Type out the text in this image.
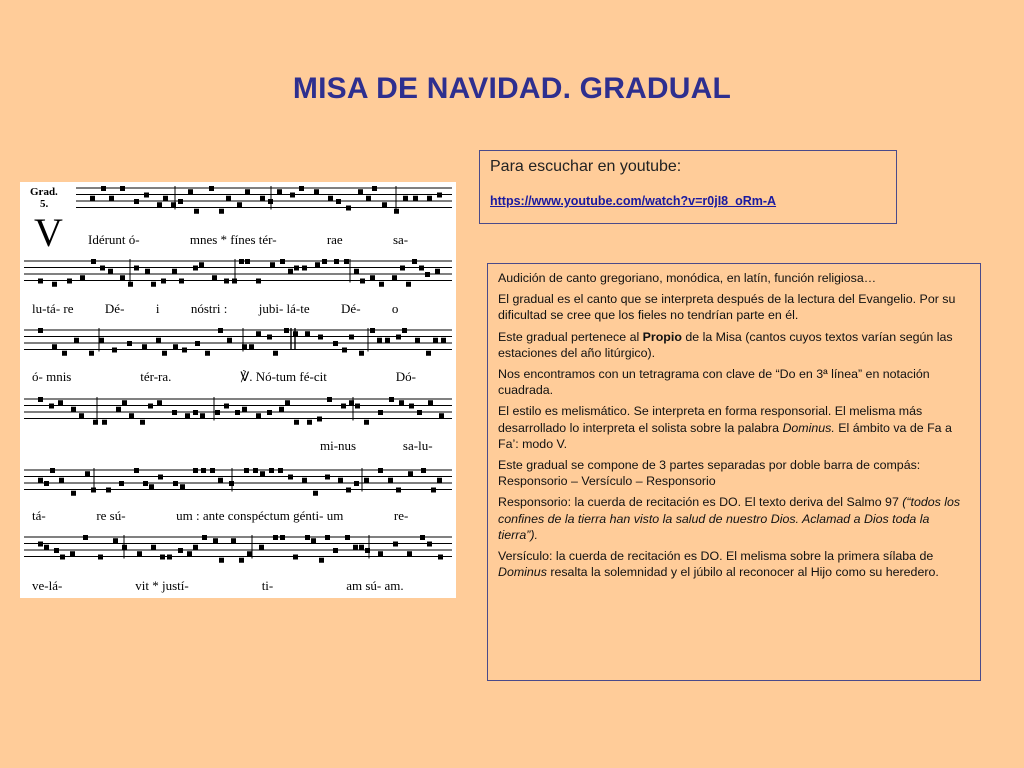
MISA DE NAVIDAD. GRADUAL
Grad.
5.
V Idérunt ó-	mnes * fínes tér-	rae	sa-
lu-tá- re Dé- i nóstri : jubi- lá-te Dé- o
ó- mnis	tér-ra.	℣. Nó-tum fé-cit	Dó-
mi-nus	sa-lu-
tá-	re sú-	um : ante conspéctum génti- um	re-
ve-lá-	vit * justí-	ti-	am sú- am.
Para escuchar en youtube:
https://www.youtube.com/watch?v=r0jI8_oRm-A

Audición de canto gregoriano, monódica, en latín, función religiosa…

El gradual es el canto que se interpreta después de la lectura del Evangelio. Por su dificultad se cree que los fieles no tendrían parte en él.

Este gradual pertenece al Propio de la Misa (cantos cuyos textos varían según las estaciones del año litúrgico).

Nos encontramos con un tetragrama con clave de “Do en 3ª línea” en notación cuadrada.

El estilo es melismático. Se interpreta en forma responsorial. El melisma más desarrollado lo interpreta el solista sobre la palabra Dominus. El ámbito va de Fa a Fa’: modo V.

Este gradual se compone de 3 partes separadas por doble barra de compás: Responsorio – Versículo – Responsorio

Responsorio: la cuerda de recitación es DO. El texto deriva del Salmo 97 (“todos los confines de la tierra han visto la salud de nuestro Dios. Aclamad a Dios toda la tierra”).

Versículo: la cuerda de recitación es DO. El melisma sobre la primera sílaba de Dominus resalta la solemnidad y el júbilo al reconocer al Hijo como su heredero.
